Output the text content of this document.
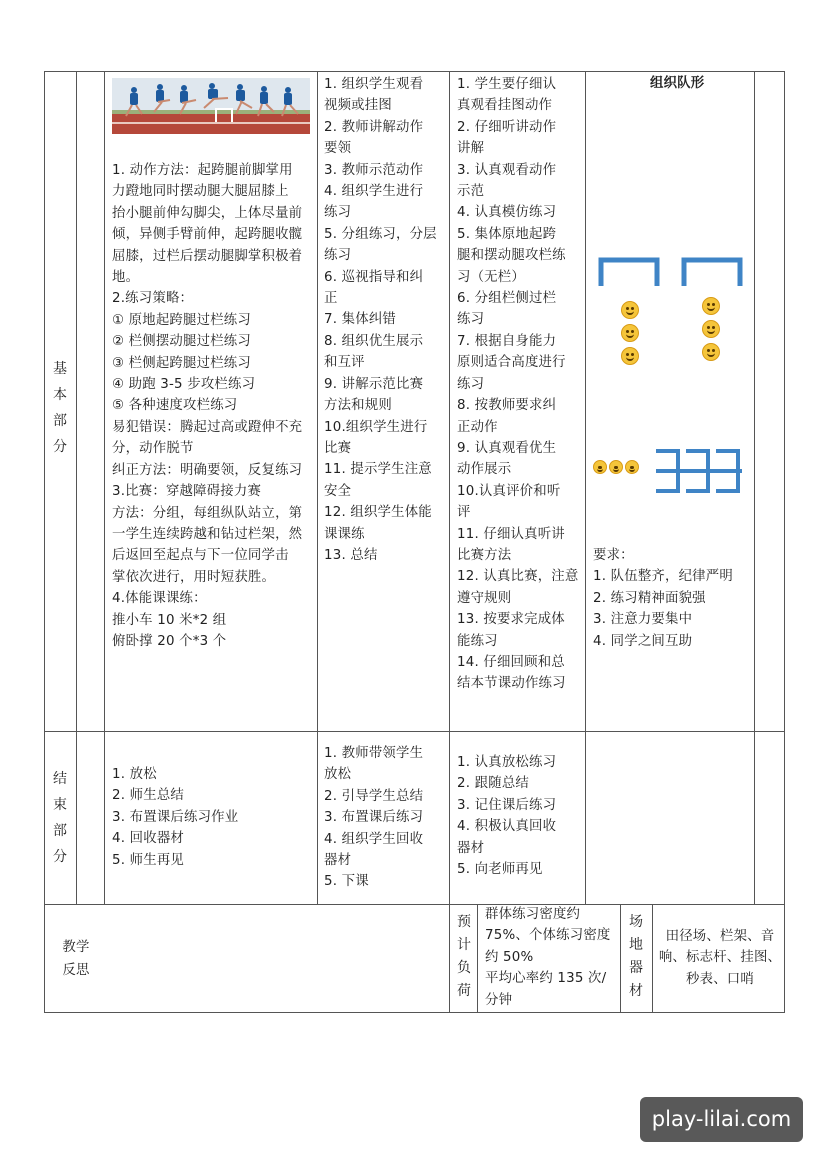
基
本
部
分
1. 动作方法：起跨腿前脚掌用
力蹬地同时摆动腿大腿屈膝上
抬小腿前伸勾脚尖，上体尽量前
倾，异侧手臂前伸，起跨腿收髋
屈膝，过栏后摆动腿脚掌积极着
地。
2.练习策略：
① 原地起跨腿过栏练习
② 栏侧摆动腿过栏练习
③ 栏侧起跨腿过栏练习
④ 助跑 3-5 步攻栏练习
⑤ 各种速度攻栏练习
易犯错误：腾起过高或蹬伸不充
分，动作脱节
纠正方法：明确要领，反复练习
3.比赛：穿越障碍接力赛
方法：分组，每组纵队站立，第
一学生连续跨越和钻过栏架，然
后返回至起点与下一位同学击
掌依次进行，用时短获胜。
4.体能课课练：
推小车 10 米*2 组
俯卧撑 20 个*3 个
1. 组织学生观看
视频或挂图
2. 教师讲解动作
要领
3. 教师示范动作
4. 组织学生进行
练习
5. 分组练习，分层
练习
6. 巡视指导和纠
正
7. 集体纠错
8. 组织优生展示
和互评
9. 讲解示范比赛
方法和规则
10.组织学生进行
比赛
11. 提示学生注意
安全
12. 组织学生体能
课课练
13. 总结
1. 学生要仔细认
真观看挂图动作
2. 仔细听讲动作
讲解
3. 认真观看动作
示范
4. 认真模仿练习
5. 集体原地起跨
腿和摆动腿攻栏练
习（无栏）
6. 分组栏侧过栏
练习
7. 根据自身能力
原则适合高度进行
练习
8. 按教师要求纠
正动作
9. 认真观看优生
动作展示
10.认真评价和听
评
11. 仔细认真听讲
比赛方法
12. 认真比赛，注意
遵守规则
13. 按要求完成体
能练习
14. 仔细回顾和总
结本节课动作练习
组织队形
要求：
1. 队伍整齐，纪律严明
2. 练习精神面貌强
3. 注意力要集中
4. 同学之间互助
结
束
部
分
1. 放松
2. 师生总结
3. 布置课后练习作业
4. 回收器材
5. 师生再见
1. 教师带领学生
放松
2. 引导学生总结
3. 布置课后练习
4. 组织学生回收
器材
5. 下课
1. 认真放松练习
2. 跟随总结
3. 记住课后练习
4. 积极认真回收
器材
5. 向老师再见
教学
反思
预
计
负
荷
群体练习密度约
75%、个体练习密度
约 50%
平均心率约 135 次/
分钟
场
地
器
材
田径场、栏架、音
响、标志杆、挂图、
秒表、口哨
play-lilai.com
